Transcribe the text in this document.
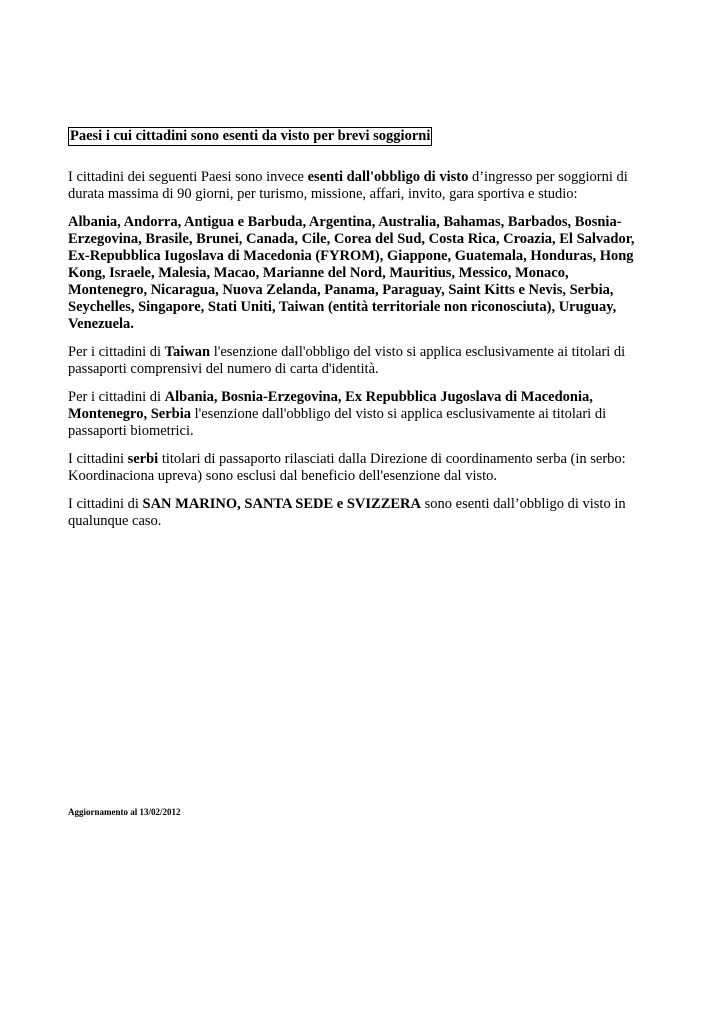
Paesi i cui cittadini sono esenti da visto per brevi soggiorni

I cittadini dei seguenti Paesi sono invece esenti dall'obbligo di visto d’ingresso per soggiorni di durata massima di 90 giorni, per turismo, missione, affari, invito, gara sportiva e studio:

Albania, Andorra, Antigua e Barbuda, Argentina, Australia, Bahamas, Barbados, Bosnia-Erzegovina, Brasile, Brunei, Canada, Cile, Corea del Sud, Costa Rica, Croazia, El Salvador, Ex-Repubblica Iugoslava di Macedonia (FYROM), Giappone, Guatemala, Honduras, Hong Kong, Israele, Malesia, Macao, Marianne del Nord, Mauritius, Messico, Monaco, Montenegro, Nicaragua, Nuova Zelanda, Panama, Paraguay, Saint Kitts e Nevis, Serbia, Seychelles, Singapore, Stati Uniti, Taiwan (entità territoriale non riconosciuta), Uruguay, Venezuela.

Per i cittadini di Taiwan l'esenzione dall'obbligo del visto si applica esclusivamente ai titolari di passaporti comprensivi del numero di carta d'identità.

Per i cittadini di Albania, Bosnia-Erzegovina, Ex Repubblica Jugoslava di Macedonia, Montenegro, Serbia l'esenzione dall'obbligo del visto si applica esclusivamente ai titolari di passaporti biometrici.

I cittadini serbi titolari di passaporto rilasciati dalla Direzione di coordinamento serba (in serbo: Koordinaciona upreva) sono esclusi dal beneficio dell'esenzione dal visto.

I cittadini di SAN MARINO, SANTA SEDE e SVIZZERA sono esenti dall’obbligo di visto in qualunque caso.

Aggiornamento al 13/02/2012
